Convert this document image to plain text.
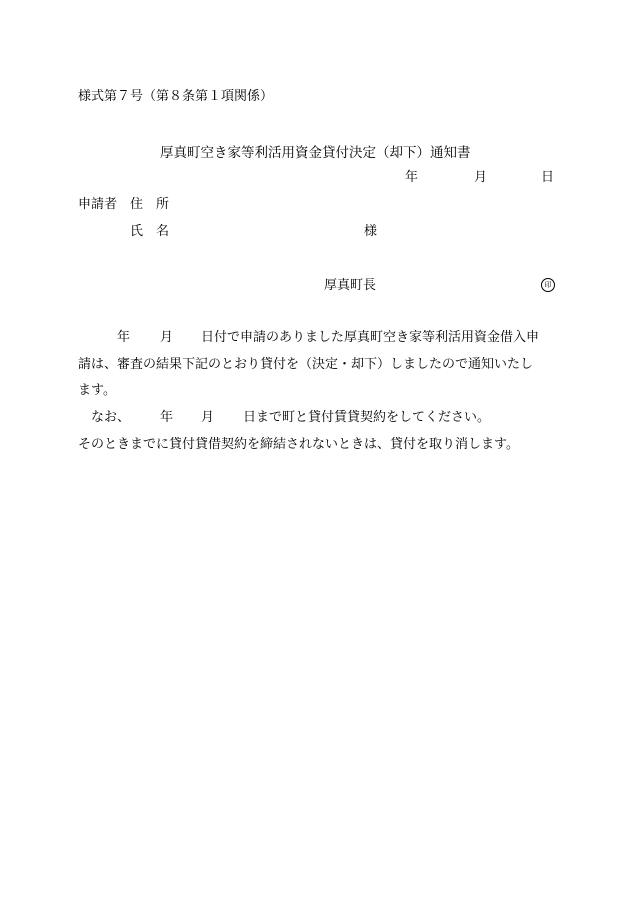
様式第７号（第８条第１項関係）
厚真町空き家等利活用資金貸付決定（却下）通知書
年	月	日
申請者 住　所
氏　名	様
厚真町長	印
年 月 日付で申請のありました厚真町空き家等利活用資金借入申
請は、審査の結果下記のとおり貸付を（決定・却下）しましたので通知いたし
ます。
なお、 年 月 日まで町と貸付賃貸契約をしてください。
そのときまでに貸付貸借契約を締結されないときは、貸付を取り消します。
